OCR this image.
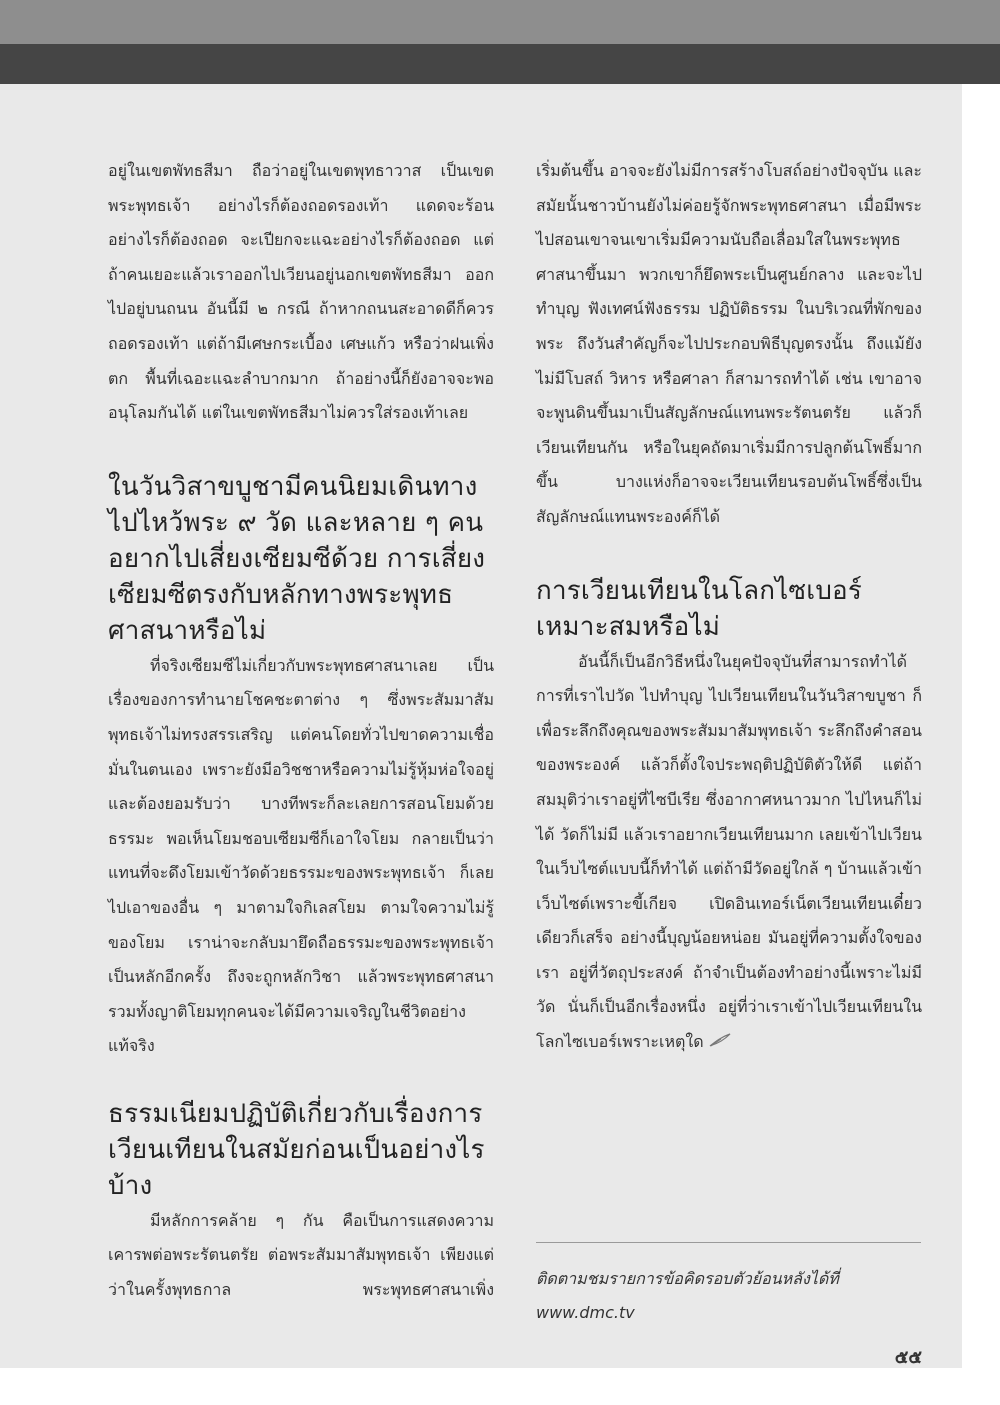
อยู่ในเขตพัทธสีมา ถือว่าอยู่ในเขตพุทธาวาส เป็นเขตพระพุทธเจ้า อย่างไรก็ต้องถอดรองเท้า แดดจะร้อนอย่างไรก็ต้องถอด จะเปียกจะแฉะอย่างไรก็ต้องถอด แต่ถ้าคนเยอะแล้วเราออกไปเวียนอยู่นอกเขตพัทธสีมา ออกไปอยู่บนถนน อันนี้มี ๒ กรณี ถ้าหากถนนสะอาดดีก็ควรถอดรองเท้า แต่ถ้ามีเศษกระเบื้อง เศษแก้ว หรือว่าฝนเพิ่งตก พื้นที่เฉอะแฉะลำบากมาก ถ้าอย่างนี้ก็ยังอาจจะพออนุโลมกันได้ แต่ในเขตพัทธสีมาไม่ควรใส่รองเท้าเลย

ในวันวิสาขบูชามีคนนิยมเดินทางไปไหว้พระ ๙ วัด และหลาย ๆ คนอยากไปเสี่ยงเซียมซีด้วย การเสี่ยงเซียมซีตรงกับหลักทางพระพุทธศาสนาหรือไม่

ที่จริงเซียมซีไม่เกี่ยวกับพระพุทธศาสนาเลย เป็นเรื่องของการทำนายโชคชะตาต่าง ๆ ซึ่งพระสัมมาสัมพุทธเจ้าไม่ทรงสรรเสริญ แต่คนโดยทั่วไปขาดความเชื่อมั่นในตนเอง เพราะยังมีอวิชชาหรือความไม่รู้หุ้มห่อใจอยู่ และต้องยอมรับว่า บางทีพระก็ละเลยการสอนโยมด้วยธรรมะ พอเห็นโยมชอบเซียมซีก็เอาใจโยม กลายเป็นว่าแทนที่จะดึงโยมเข้าวัดด้วยธรรมะของพระพุทธเจ้า ก็เลยไปเอาของอื่น ๆ มาตามใจกิเลสโยม ตามใจความไม่รู้ของโยม เราน่าจะกลับมายึดถือธรรมะของพระพุทธเจ้าเป็นหลักอีกครั้ง ถึงจะถูกหลักวิชา แล้วพระพุทธศาสนารวมทั้งญาติโยมทุกคนจะได้มีความเจริญในชีวิตอย่างแท้จริง

ธรรมเนียมปฏิบัติเกี่ยวกับเรื่องการเวียนเทียนในสมัยก่อนเป็นอย่างไรบ้าง

มีหลักการคล้าย ๆ กัน คือเป็นการแสดงความเคารพต่อพระรัตนตรัย ต่อพระสัมมาสัมพุทธเจ้า เพียงแต่ว่าในครั้งพุทธกาล พระพุทธศาสนาเพิ่ง

เริ่มต้นขึ้น อาจจะยังไม่มีการสร้างโบสถ์อย่างปัจจุบัน และสมัยนั้นชาวบ้านยังไม่ค่อยรู้จักพระพุทธศาสนา เมื่อมีพระไปสอนเขาจนเขาเริ่มมีความนับถือเลื่อมใสในพระพุทธศาสนาขึ้นมา พวกเขาก็ยึดพระเป็นศูนย์กลาง และจะไปทำบุญ ฟังเทศน์ฟังธรรม ปฏิบัติธรรม ในบริเวณที่พักของพระ ถึงวันสำคัญก็จะไปประกอบพิธีบุญตรงนั้น ถึงแม้ยังไม่มีโบสถ์ วิหาร หรือศาลา ก็สามารถทำได้ เช่น เขาอาจจะพูนดินขึ้นมาเป็นสัญลักษณ์แทนพระรัตนตรัย แล้วก็เวียนเทียนกัน หรือในยุคถัดมาเริ่มมีการปลูกต้นโพธิ์มากขึ้น บางแห่งก็อาจจะเวียนเทียนรอบต้นโพธิ์ซึ่งเป็นสัญลักษณ์แทนพระองค์ก็ได้

การเวียนเทียนในโลกไซเบอร์เหมาะสมหรือไม่

อันนี้ก็เป็นอีกวิธีหนึ่งในยุคปัจจุบันที่สามารถทำได้ การที่เราไปวัด ไปทำบุญ ไปเวียนเทียนในวันวิสาขบูชา ก็เพื่อระลึกถึงคุณของพระสัมมาสัมพุทธเจ้า ระลึกถึงคำสอนของพระองค์ แล้วก็ตั้งใจประพฤติปฏิบัติตัวให้ดี แต่ถ้าสมมุติว่าเราอยู่ที่ไซบีเรีย ซึ่งอากาศหนาวมาก ไปไหนก็ไม่ได้ วัดก็ไม่มี แล้วเราอยากเวียนเทียนมาก เลยเข้าไปเวียนในเว็บไซต์แบบนี้ก็ทำได้ แต่ถ้ามีวัดอยู่ใกล้ ๆ บ้านแล้วเข้าเว็บไซต์เพราะขี้เกียจ เปิดอินเทอร์เน็ตเวียนเทียนเดี๋ยวเดียวก็เสร็จ อย่างนี้บุญน้อยหน่อย มันอยู่ที่ความตั้งใจของเรา อยู่ที่วัตถุประสงค์ ถ้าจำเป็นต้องทำอย่างนี้เพราะไม่มีวัด นั่นก็เป็นอีกเรื่องหนึ่ง อยู่ที่ว่าเราเข้าไปเวียนเทียนในโลกไซเบอร์เพราะเหตุใด

ติดตามชมรายการข้อคิดรอบตัวย้อนหลังได้ที่
www.dmc.tv
๕๕
